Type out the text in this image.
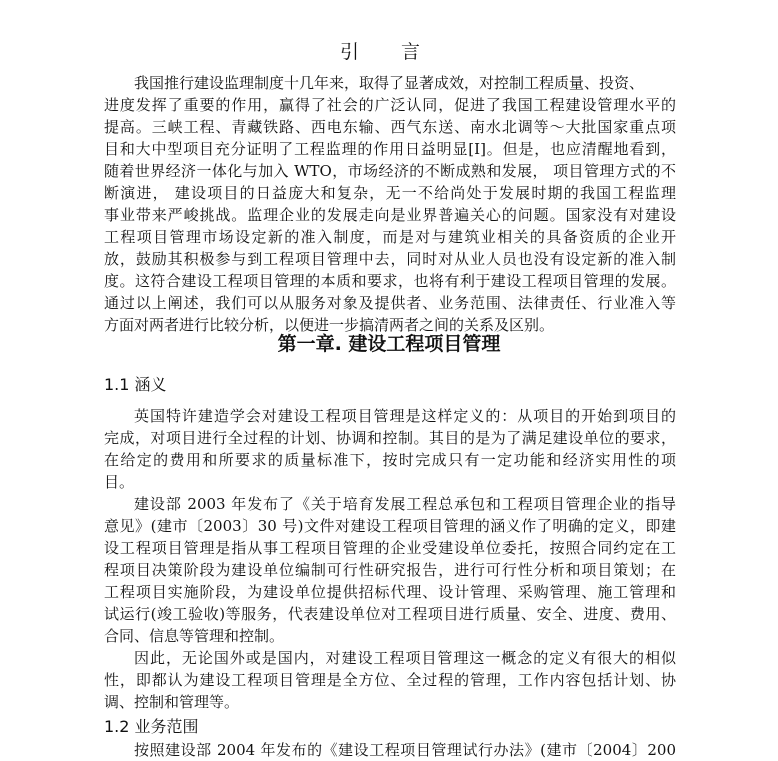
引 言
我国推行建设监理制度十几年来，取得了显著成效，对控制工程质量、投资、
进度发挥了重要的作用，赢得了社会的广泛认同，促进了我国工程建设管理水平的
提高。三峡工程、青藏铁路、西电东输、西气东送、南水北调等～大批国家重点项
目和大中型项目充分证明了工程监理的作用日益明显[I]。但是，也应清醒地看到，
随着世界经济一体化与加入 WTO，市场经济的不断成熟和发展， 项目管理方式的不
断演进， 建设项目的日益庞大和复杂，无一不给尚处于发展时期的我国工程监理
事业带来严峻挑战。监理企业的发展走向是业界普遍关心的问题。国家没有对建设
工程项目管理市场设定新的准入制度，而是对与建筑业相关的具备资质的企业开
放，鼓励其积极参与到工程项目管理中去，同时对从业人员也没有设定新的准入制
度。这符合建设工程项目管理的本质和要求，也将有利于建设工程项目管理的发展。
通过以上阐述，我们可以从服务对象及提供者、业务范围、法律责任、行业准入等
方面对两者进行比较分析，以便进一步搞清两者之间的关系及区别。
第一章. 建设工程项目管理
1.1 涵义
英国特许建造学会对建设工程项目管理是这样定义的：从项目的开始到项目的
完成，对项目进行全过程的计划、协调和控制。其目的是为了满足建设单位的要求，
在给定的费用和所要求的质量标准下，按时完成只有一定功能和经济实用性的项
目。
建设部 2003 年发布了《关于培育发展工程总承包和工程项目管理企业的指导
意见》(建市〔2003〕30 号)文件对建设工程项目管理的涵义作了明确的定义，即建
设工程项目管理是指从事工程项目管理的企业受建设单位委托，按照合同约定在工
程项目决策阶段为建设单位编制可行性研究报告，进行可行性分析和项目策划；在
工程项目实施阶段，为建设单位提供招标代理、设计管理、采购管理、施工管理和
试运行(竣工验收)等服务，代表建设单位对工程项目进行质量、安全、进度、费用、
合同、信息等管理和控制。
因此，无论国外或是国内，对建设工程项目管理这一概念的定义有很大的相似
性，即都认为建设工程项目管理是全方位、全过程的管理，工作内容包括计划、协
调、控制和管理等。
1.2 业务范围
按照建设部 2004 年发布的《建设工程项目管理试行办法》(建市〔2004〕200
